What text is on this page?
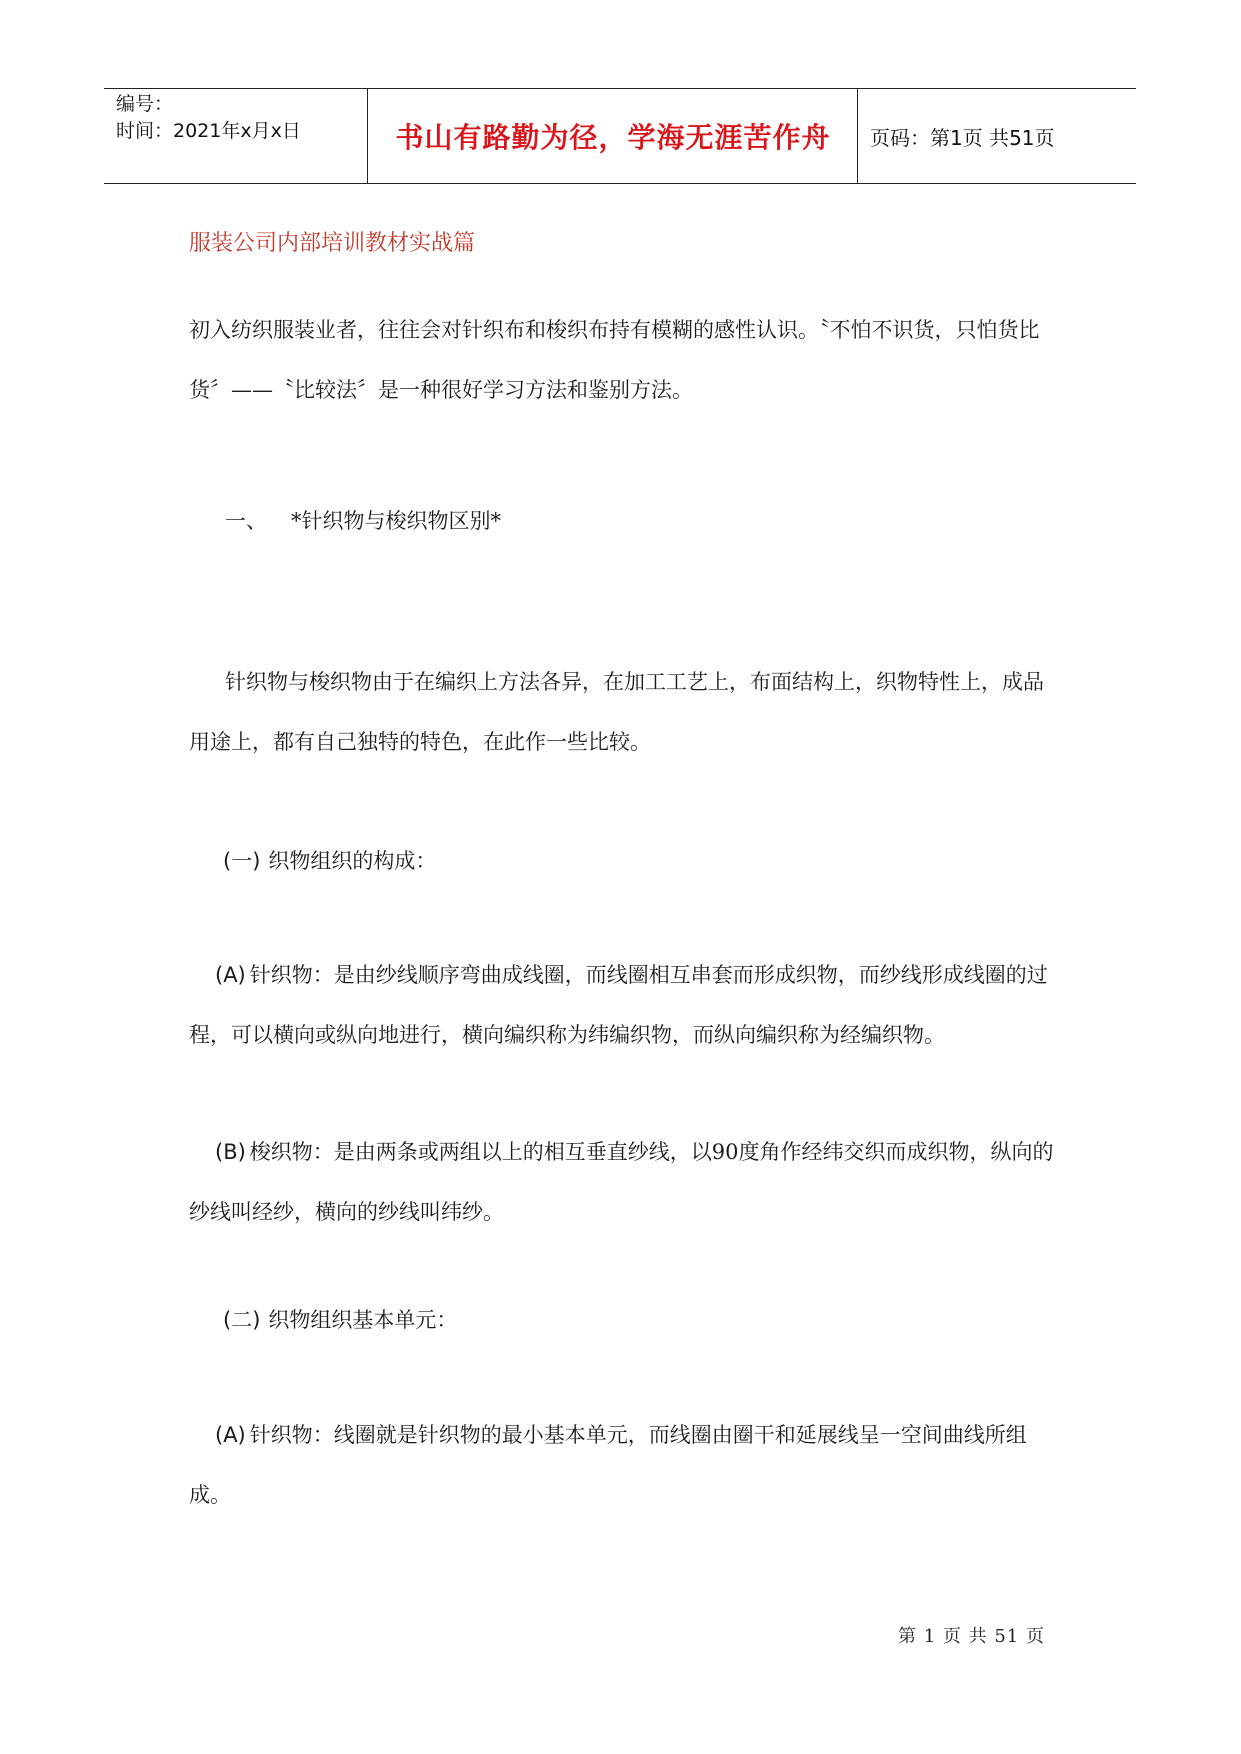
编号：
时间：2021年x月x日	书山有路勤为径，学海无涯苦作舟	页码：第1页 共51页
服装公司内部培训教材实战篇
初入纺织服装业者，往往会对针织布和梭织布持有模糊的感性认识。〝不怕不识货，只怕货比货〞——〝比较法〞是一种很好学习方法和鉴别方法。
一、 *针织物与梭织物区别*
针织物与梭织物由于在编织上方法各异，在加工工艺上，布面结构上，织物特性上，成品用途上，都有自己独特的特色，在此作一些比较。
(一) 织物组织的构成：
(A) 针织物：是由纱线顺序弯曲成线圈，而线圈相互串套而形成织物，而纱线形成线圈的过程，可以横向或纵向地进行，横向编织称为纬编织物，而纵向编织称为经编织物。
(B) 梭织物：是由两条或两组以上的相互垂直纱线，以90度角作经纬交织而成织物，纵向的纱线叫经纱，横向的纱线叫纬纱。
(二) 织物组织基本单元：
(A) 针织物：线圈就是针织物的最小基本单元，而线圈由圈干和延展线呈一空间曲线所组成。
第 1 页 共 51 页
